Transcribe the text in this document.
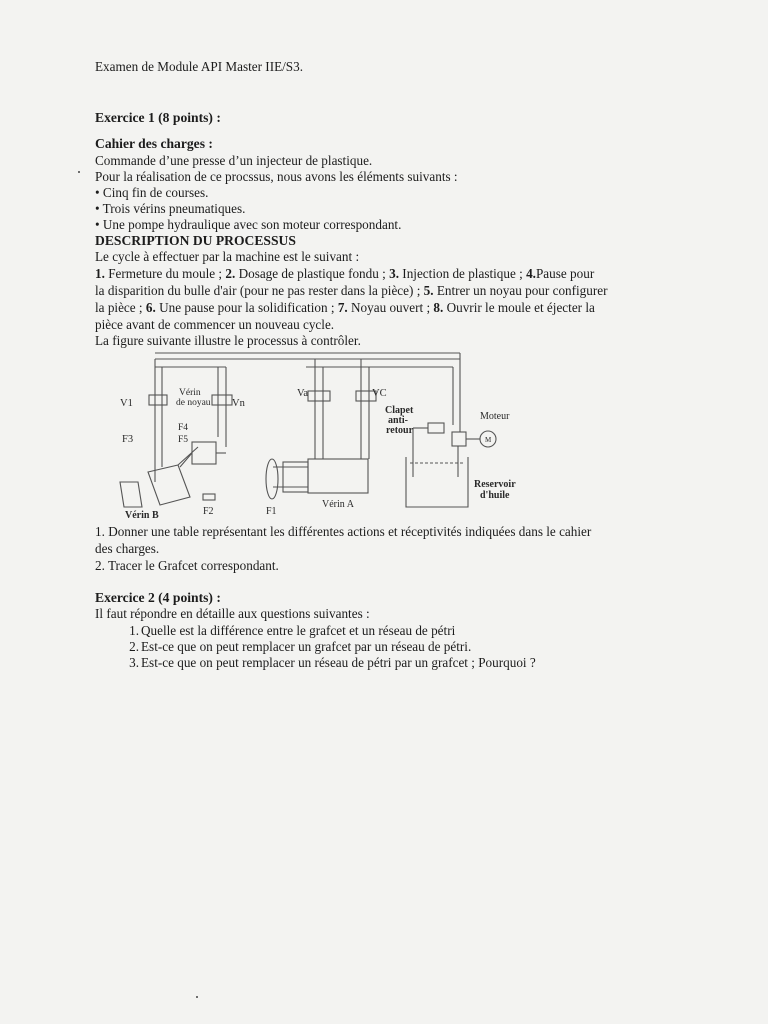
Examen de Module API Master IIE/S3.
Exercice 1 (8 points) :
Cahier des charges :
Commande d’une presse d’un injecteur de plastique.
Pour la réalisation de ce procssus, nous avons les éléments suivants :
• Cinq fin de courses.
• Trois vérins pneumatiques.
• Une pompe hydraulique avec son moteur correspondant.
DESCRIPTION DU PROCESSUS
Le cycle à effectuer par la machine est le suivant :
1. Fermeture du moule ; 2. Dosage de plastique fondu ; 3. Injection de plastique ; 4.Pause pour
la disparition du bulle d'air (pour ne pas rester dans la pièce) ; 5. Entrer un noyau pour configurer
la pièce ; 6. Une pause pour la solidification ; 7. Noyau ouvert ; 8. Ouvrir le moule et éjecter la
pièce avant de commencer un nouveau cycle.
La figure suivante illustre le processus à contrôler.
V1
Vérin
de noyau Vn
F4
F5
F3
Va	VC
Clapet
anti-
retour
Moteur
M
Reservoir
d'huile
Vérin A
Vérin B	F2	F1
1. Donner une table représentant les différentes actions et réceptivités indiquées dans le cahier
des charges.
2. Tracer le Grafcet correspondant.
Exercice 2 (4 points) :
Il faut répondre en détaille aux questions suivantes :
1. Quelle est la différence entre le grafcet et un réseau de pétri
2. Est-ce que on peut remplacer un grafcet par un réseau de pétri.
3. Est-ce que on peut remplacer un réseau de pétri par un grafcet ; Pourquoi ?
